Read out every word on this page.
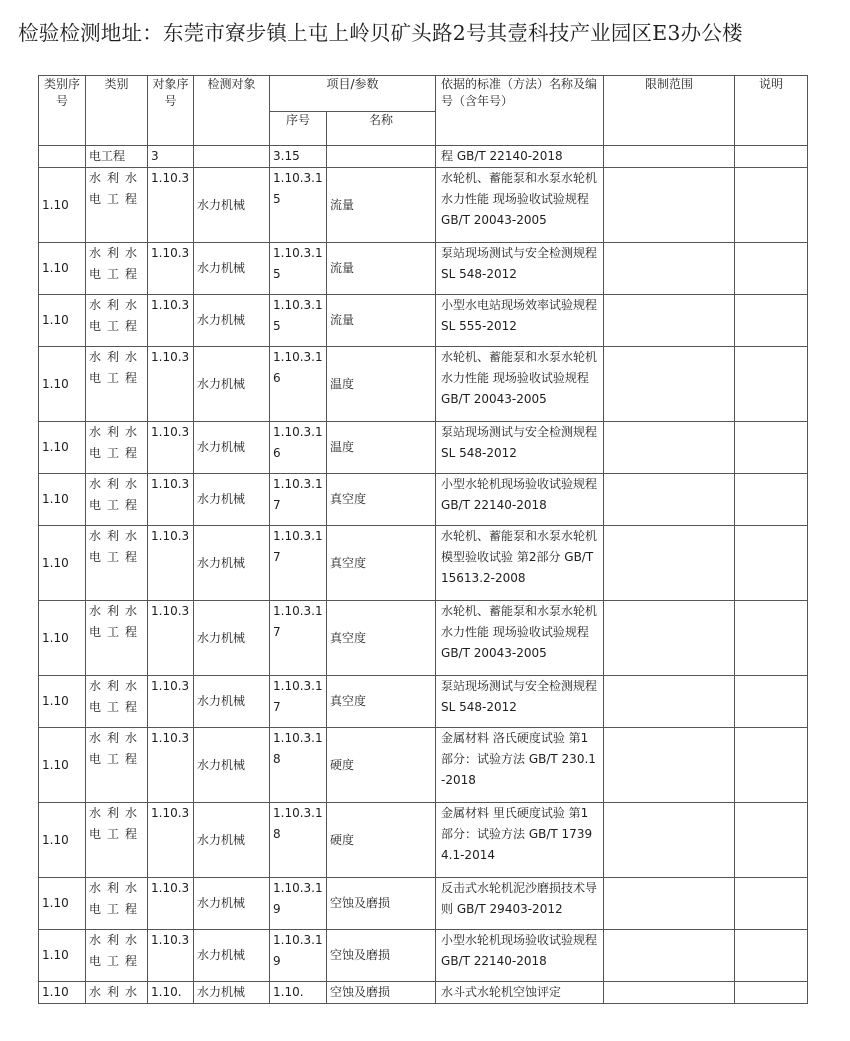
检验检测地址：东莞市寮步镇上屯上岭贝矿头路2号其壹科技产业园区E3办公楼
类别序号	类别	对象序号	检测对象	项目/参数		依据的标准（方法）名称及编号（含年号）	限制范围	说明
				序号	名称			
	电工程	3		3.15		程 GB/T 22140-2018		
1.10	水利水电工程	1.10.3	水力机械	1.10.3.15	流量	水轮机、蓄能泵和水泵水轮机水力性能 现场验收试验规程 GB/T 20043-2005		
1.10	水利水电工程	1.10.3	水力机械	1.10.3.15	流量	泵站现场测试与安全检测规程 SL 548-2012		
1.10	水利水电工程	1.10.3	水力机械	1.10.3.15	流量	小型水电站现场效率试验规程 SL 555-2012		
1.10	水利水电工程	1.10.3	水力机械	1.10.3.16	温度	水轮机、蓄能泵和水泵水轮机水力性能 现场验收试验规程 GB/T 20043-2005		
1.10	水利水电工程	1.10.3	水力机械	1.10.3.16	温度	泵站现场测试与安全检测规程 SL 548-2012		
1.10	水利水电工程	1.10.3	水力机械	1.10.3.17	真空度	小型水轮机现场验收试验规程 GB/T 22140-2018		
1.10	水利水电工程	1.10.3	水力机械	1.10.3.17	真空度	水轮机、蓄能泵和水泵水轮机模型验收试验 第2部分 GB/T 15613.2-2008		
1.10	水利水电工程	1.10.3	水力机械	1.10.3.17	真空度	水轮机、蓄能泵和水泵水轮机水力性能 现场验收试验规程 GB/T 20043-2005		
1.10	水利水电工程	1.10.3	水力机械	1.10.3.17	真空度	泵站现场测试与安全检测规程 SL 548-2012		
1.10	水利水电工程	1.10.3	水力机械	1.10.3.18	硬度	金属材料 洛氏硬度试验 第1部分：试验方法 GB/T 230.1-2018		
1.10	水利水电工程	1.10.3	水力机械	1.10.3.18	硬度	金属材料 里氏硬度试验 第1部分：试验方法 GB/T 17394.1-2014		
1.10	水利水电工程	1.10.3	水力机械	1.10.3.19	空蚀及磨损	反击式水轮机泥沙磨损技术导则 GB/T 29403-2012		
1.10	水利水电工程	1.10.3	水力机械	1.10.3.19	空蚀及磨损	小型水轮机现场验收试验规程 GB/T 22140-2018		
1.10	水利水	1.10.	水力机械	1.10.	空蚀及磨损	水斗式水轮机空蚀评定		
